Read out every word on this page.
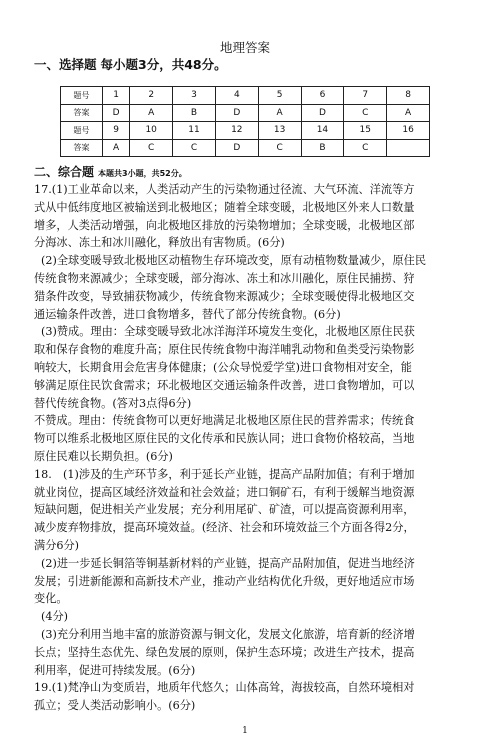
地理答案
一、选择题 每小题3分，共48分。
题号	1	2	3	4	5	6	7	8
答案	D	A	B	D	A	D	C	A
题号	9	10	11	12	13	14	15	16
答案	A	C	C	D	C	B	C	
二、综合题 本题共3小题，共52分。
17.(1)工业革命以来，人类活动产生的污染物通过径流、大气环流、洋流等方
式从中低纬度地区被输送到北极地区；随着全球变暖，北极地区外来人口数量
增多，人类活动增强，向北极地区排放的污染物增加；全球变暖，北极地区部
分海冰、冻土和冰川融化，释放出有害物质。(6分)
(2)全球变暖导致北极地区动植物生存环境改变，原有动植物数量减少，原住民
传统食物来源减少；全球变暖，部分海冰、冻土和冰川融化，原住民捕捞、狩
猎条件改变，导致捕获物减少，传统食物来源减少；全球变暖使得北极地区交
通运输条件改善，进口食物增多，替代了部分传统食物。(6分)
(3)赞成。理由：全球变暖导致北冰洋海洋环境发生变化，北极地区原住民获
取和保存食物的难度升高；原住民传统食物中海洋哺乳动物和鱼类受污染物影
响较大，长期食用会危害身体健康；(公众导悦爱学堂)进口食物相对安全，能
够满足原住民饮食需求；环北极地区交通运输条件改善，进口食物增加，可以
替代传统食物。(答对3点得6分)
不赞成。理由：传统食物可以更好地满足北极地区原住民的营养需求；传统食
物可以维系北极地区原住民的文化传承和民族认同；进口食物价格较高，当地
原住民难以长期负担。(6分)
18.　(1)涉及的生产环节多，利于延长产业链，提高产品附加值；有利于增加
就业岗位，提高区域经济效益和社会效益；进口铜矿石，有利于缓解当地资源
短缺问题，促进相关产业发展；充分利用尾矿、矿渣，可以提高资源利用率，
减少废弃物排放，提高环境效益。(经济、社会和环境效益三个方面各得2分，
满分6分)
(2)进一步延长铜箔等铜基新材料的产业链，提高产品附加值，促进当地经济
发展；引进新能源和高新技术产业，推动产业结构优化升级，更好地适应市场
变化。
(4分)
(3)充分利用当地丰富的旅游资源与铜文化，发展文化旅游，培育新的经济增
长点；坚持生态优先、绿色发展的原则，保护生态环境；改进生产技术，提高
利用率，促进可持续发展。(6分)
19.(1)梵净山为变质岩，地质年代悠久；山体高耸，海拔较高，自然环境相对
孤立；受人类活动影响小。(6分)
1
